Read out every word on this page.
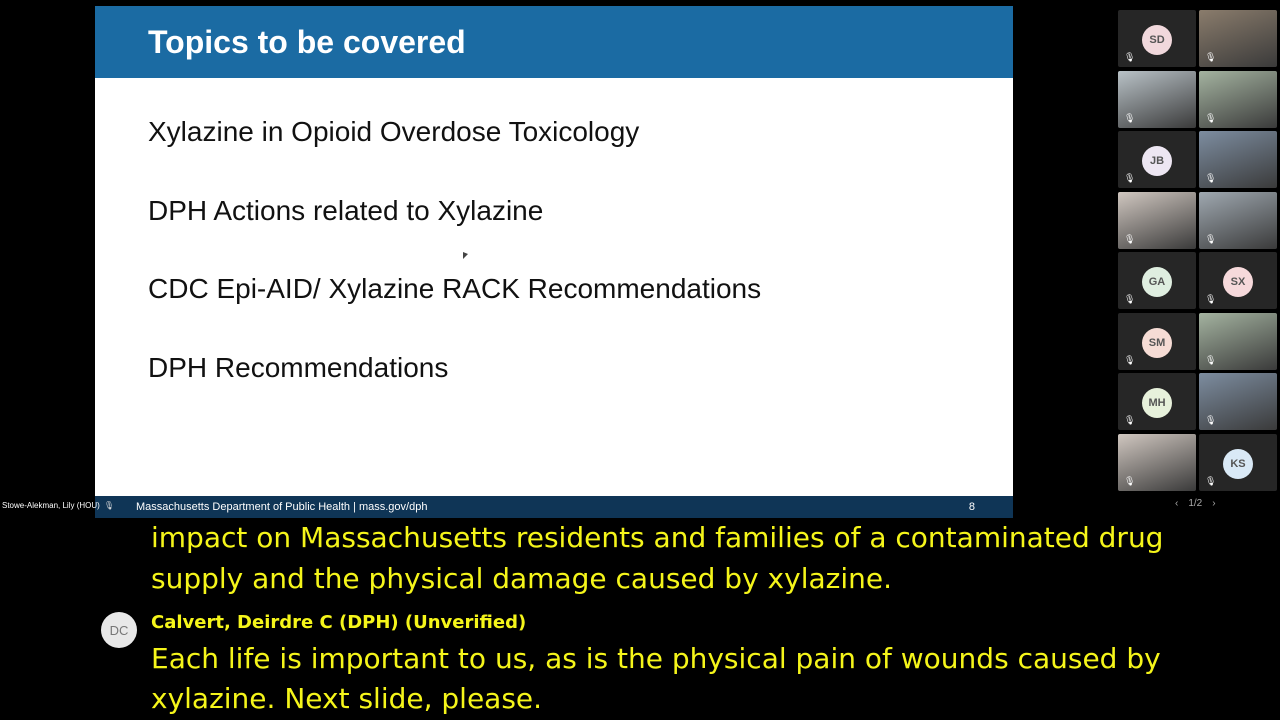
Topics to be covered
Xylazine in Opioid Overdose Toxicology
DPH Actions related to Xylazine
CDC Epi-AID/ Xylazine RACK Recommendations
DPH Recommendations
Massachusetts Department of Public Health | mass.gov/dph	8
Stowe-Alekman, Lily (HOU) 🎙
SD
🎙	🎙
🎙	🎙
JB
🎙	🎙
🎙	🎙
GA
🎙
SX
🎙
SM
🎙	🎙
MH
🎙	🎙
🎙
KS
🎙
‹ 1/2 ›
impact on Massachusetts residents and families of a contaminated drug
supply and the physical damage caused by xylazine.
DC	Calvert, Deirdre C (DPH) (Unverified)
Each life is important to us, as is the physical pain of wounds caused by
xylazine. Next slide, please.
